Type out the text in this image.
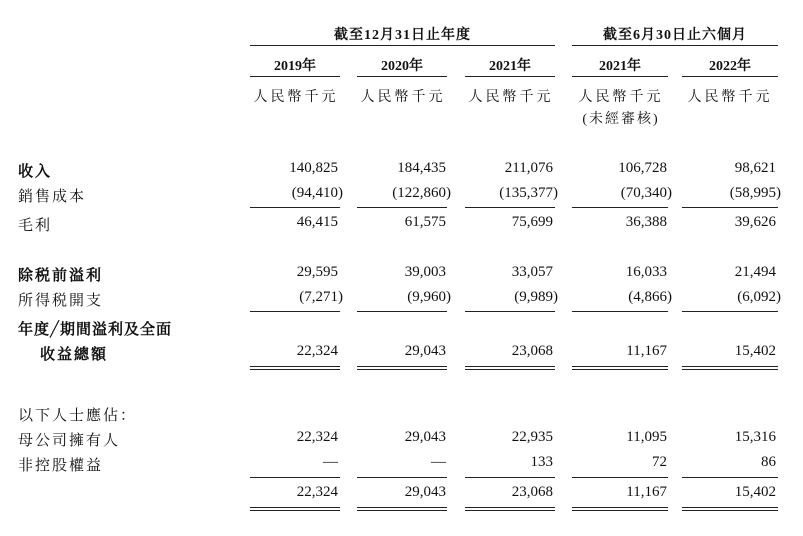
截至12月31日止年度	截至6月30日止六個月
2019年	2020年	2021年	2021年	2022年
人民幣千元 人民幣千元 人民幣千元 人民幣千元 人民幣千元
(未經審核)
收入	140,825	184,435	211,076	106,728	98,621
銷售成本	(94,410)	(122,860)	(135,377)	(70,340)	(58,995)
毛利	46,415	61,575	75,699	36,388	39,626
除税前溢利	29,595	39,003	33,057	16,033	21,494
所得税開支	(7,271)	(9,960)	(9,989)	(4,866)	(6,092)
年度╱期間溢利及全面
收益總額	22,324	29,043	23,068	11,167	15,402
以下人士應佔：
母公司擁有人	22,324	29,043	22,935	11,095	15,316
非控股權益	—	—	133	72	86
22,324	29,043	23,068	11,167	15,402
